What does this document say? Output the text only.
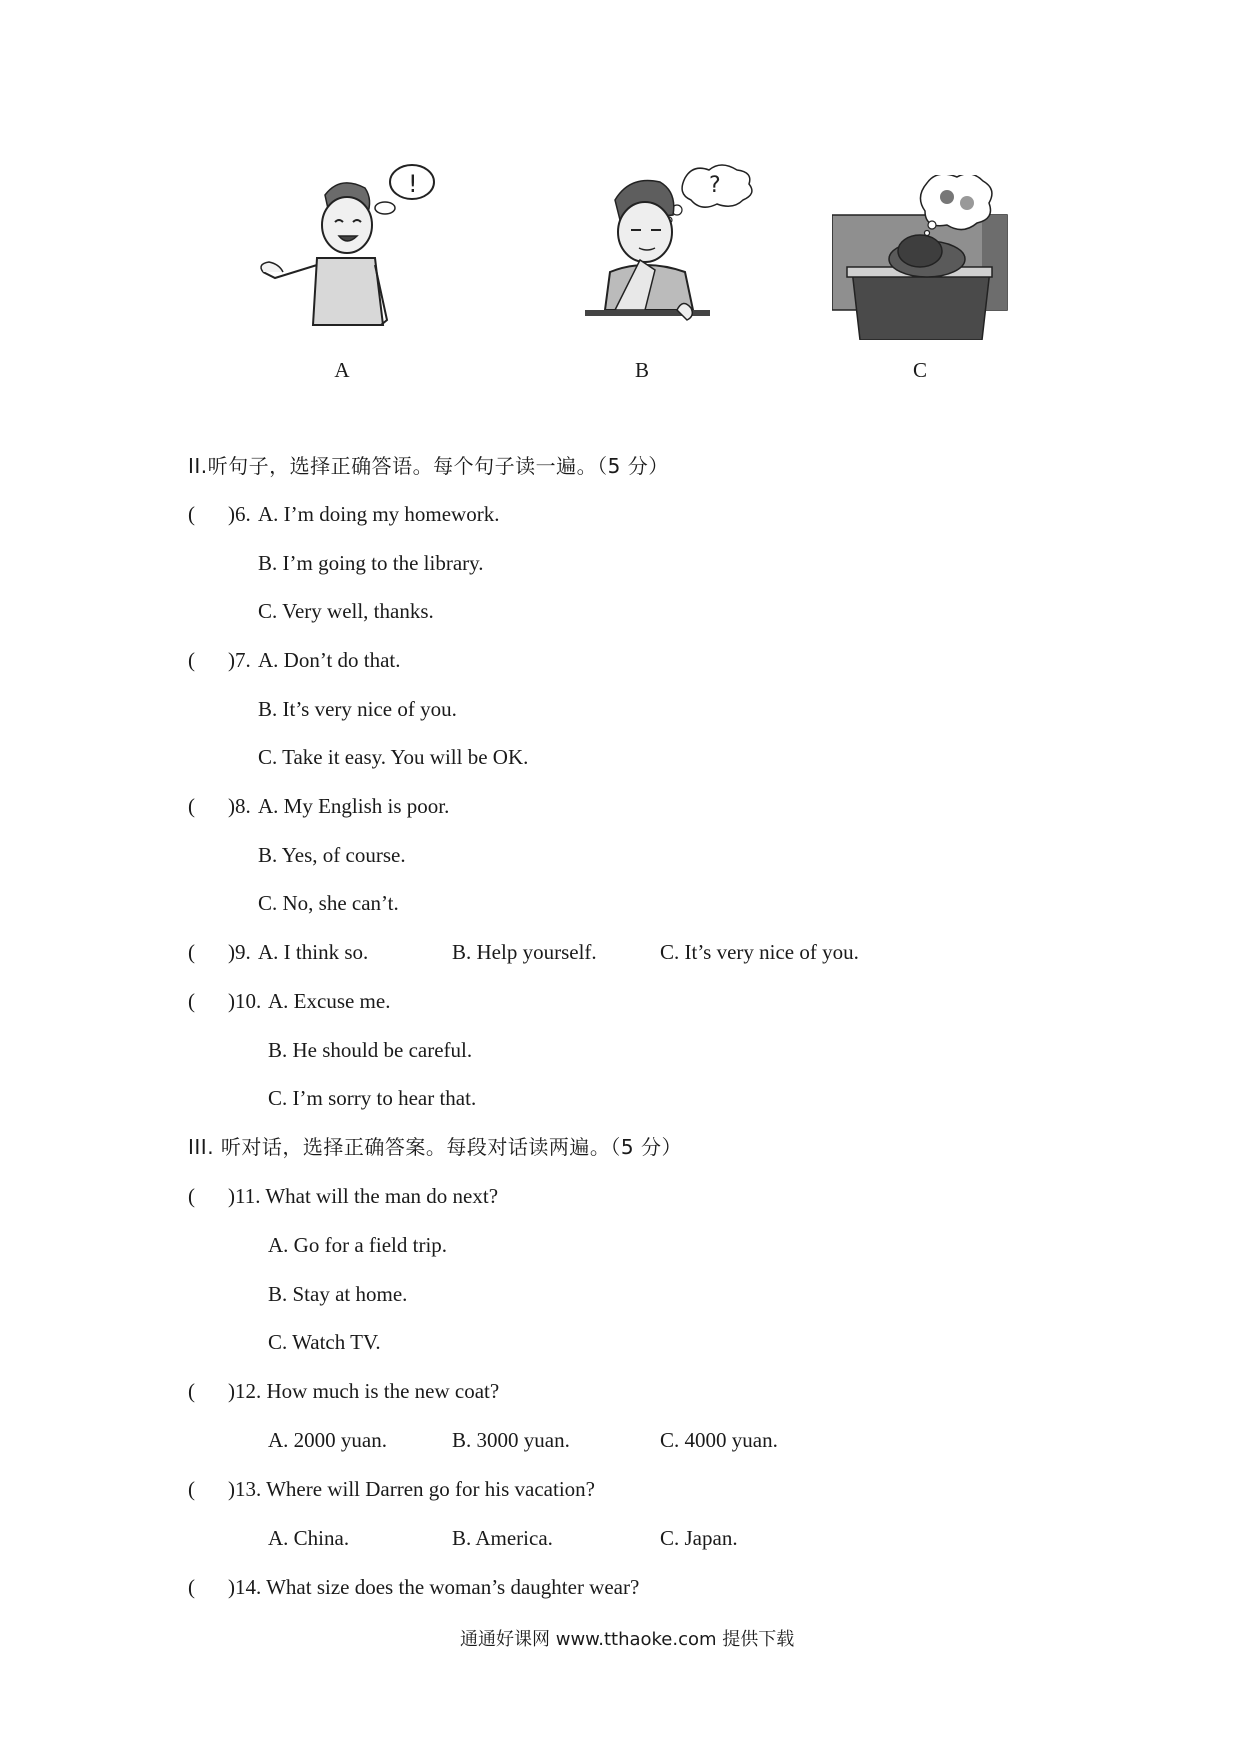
!
A
?
B	C
II.听句子，选择正确答语。每个句子读一遍。（5 分）
( )6. A. I’m doing my homework.
B. I’m going to the library.
C. Very well, thanks.
( )7. A. Don’t do that.
B. It’s very nice of you.
C. Take it easy. You will be OK.
( )8. A. My English is poor.
B. Yes, of course.
C. No, she can’t.
( )9. A. I think so.	B. Help yourself.	C. It’s very nice of you.
( )10. A. Excuse me.
B. He should be careful.
C. I’m sorry to hear that.
III. 听对话，选择正确答案。每段对话读两遍。（5 分）
( )11. What will the man do next?
A. Go for a field trip.
B. Stay at home.
C. Watch TV.
( )12. How much is the new coat?
A. 2000 yuan.	B. 3000 yuan.	C. 4000 yuan.
( )13. Where will Darren go for his vacation?
A. China.	B. America.	C. Japan.
( )14. What size does the woman’s daughter wear?
通通好课网 www.tthaoke.com 提供下载
